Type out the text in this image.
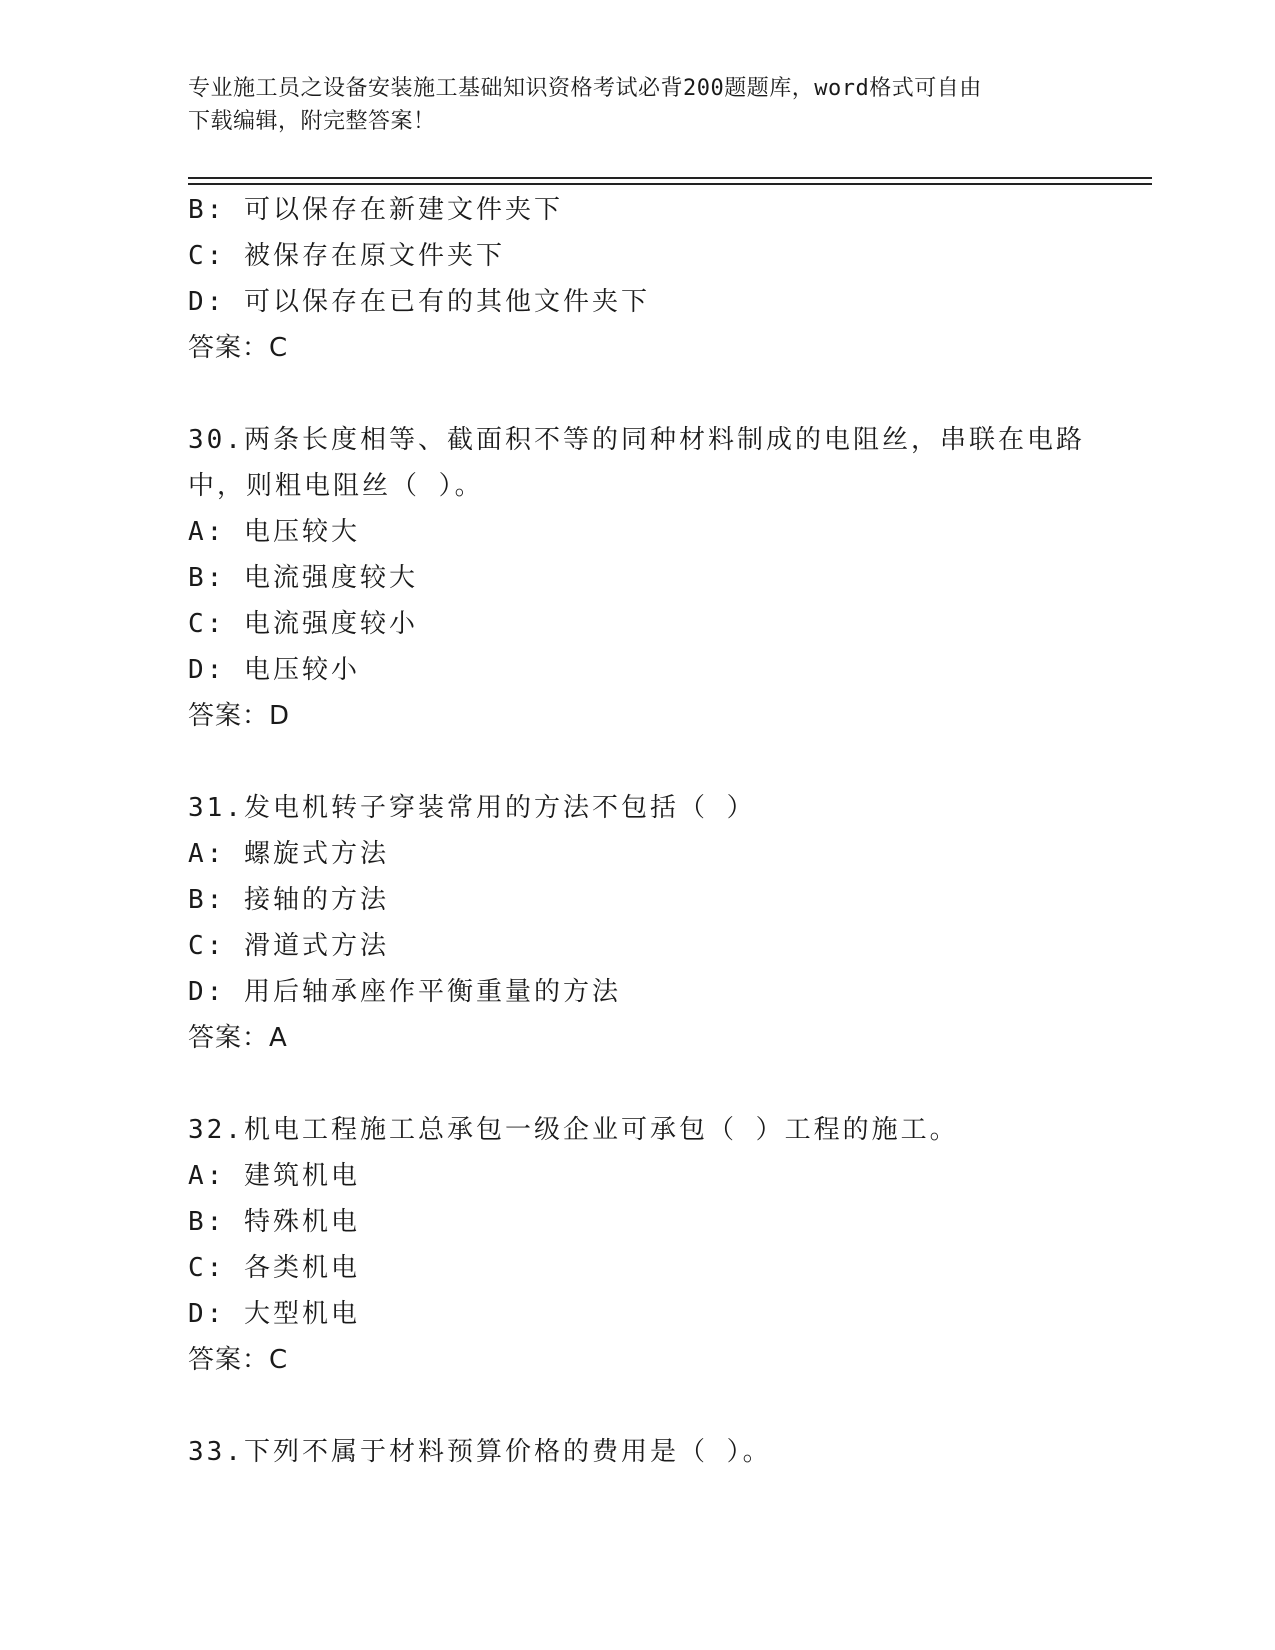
专业施工员之设备安装施工基础知识资格考试必背200题题库，word格式可自由
下载编辑，附完整答案！
B: 可以保存在新建文件夹下
C: 被保存在原文件夹下
D: 可以保存在已有的其他文件夹下
答案：C
30.两条长度相等、截面积不等的同种材料制成的电阻丝，串联在电路
中，则粗电阻丝（ ）。
A: 电压较大
B: 电流强度较大
C: 电流强度较小
D: 电压较小
答案：D
31.发电机转子穿装常用的方法不包括（ ）
A: 螺旋式方法
B: 接轴的方法
C: 滑道式方法
D: 用后轴承座作平衡重量的方法
答案：A
32.机电工程施工总承包一级企业可承包（ ）工程的施工。
A: 建筑机电
B: 特殊机电
C: 各类机电
D: 大型机电
答案：C
33.下列不属于材料预算价格的费用是（ ）。
